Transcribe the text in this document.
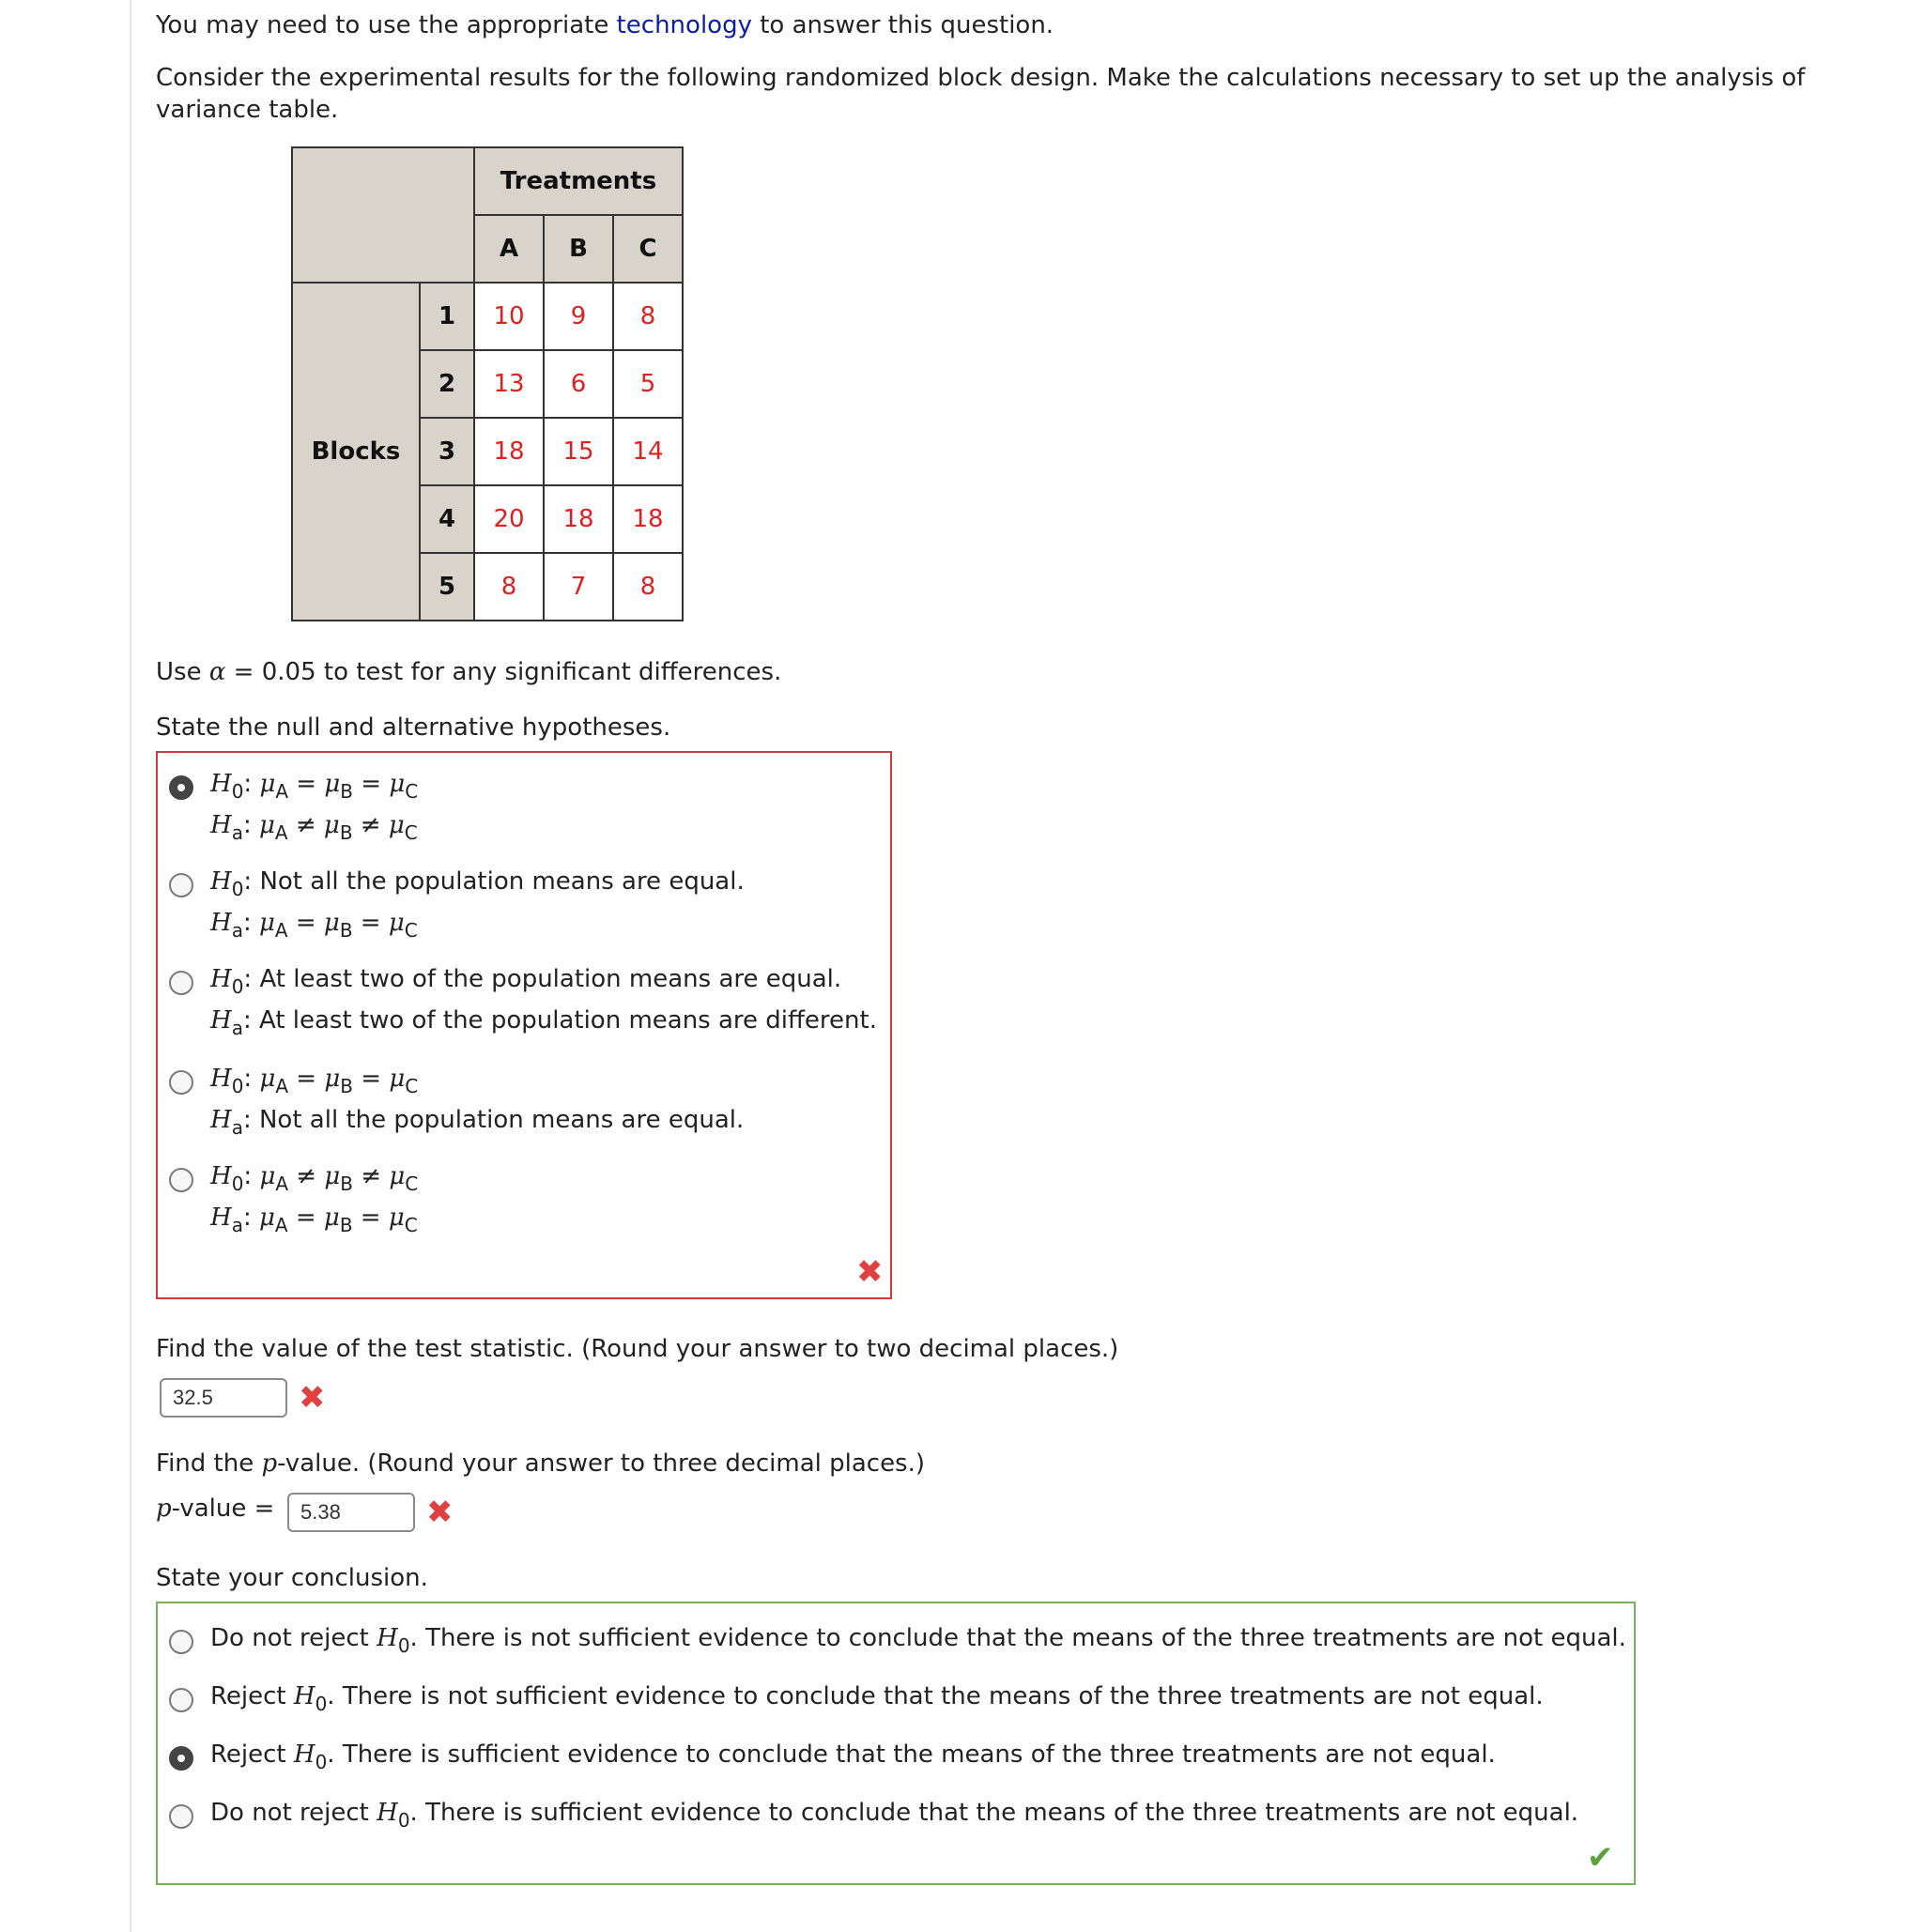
You may need to use the appropriate technology to answer this question.

Consider the experimental results for the following randomized block design. Make the calculations necessary to set up the analysis of variance table.

		Treatments		
		A	B	C
Blocks	1	10	9	8
	2	13	6	5
	3	18	15	14
	4	20	18	18
	5	8	7	8

Use α = 0.05 to test for any significant differences.

State the null and alternative hypotheses.

$H_0$: $\mu_A = \mu_B = \mu_C$
$H_a$: $\mu_A \ne \mu_B \ne \mu_C$
$H_0$: Not all the population means are equal.
$H_a$: $\mu_A = \mu_B = \mu_C$
$H_0$: At least two of the population means are equal.
$H_a$: At least two of the population means are different.
$H_0$: $\mu_A = \mu_B = \mu_C$
$H_a$: Not all the population means are equal.
$H_0$: $\mu_A \ne \mu_B \ne \mu_C$
$H_a$: $\mu_A = \mu_B = \mu_C$
✖

Find the value of the test statistic. (Round your answer to two decimal places.)

32.5
✖

Find the p-value. (Round your answer to three decimal places.)

p-value =

5.38	✖

State your conclusion.

Do not reject $H_0$. There is not sufficient evidence to conclude that the means of the three treatments are not equal.
Reject $H_0$. There is not sufficient evidence to conclude that the means of the three treatments are not equal.
Reject $H_0$. There is sufficient evidence to conclude that the means of the three treatments are not equal.
Do not reject $H_0$. There is sufficient evidence to conclude that the means of the three treatments are not equal.
✔
